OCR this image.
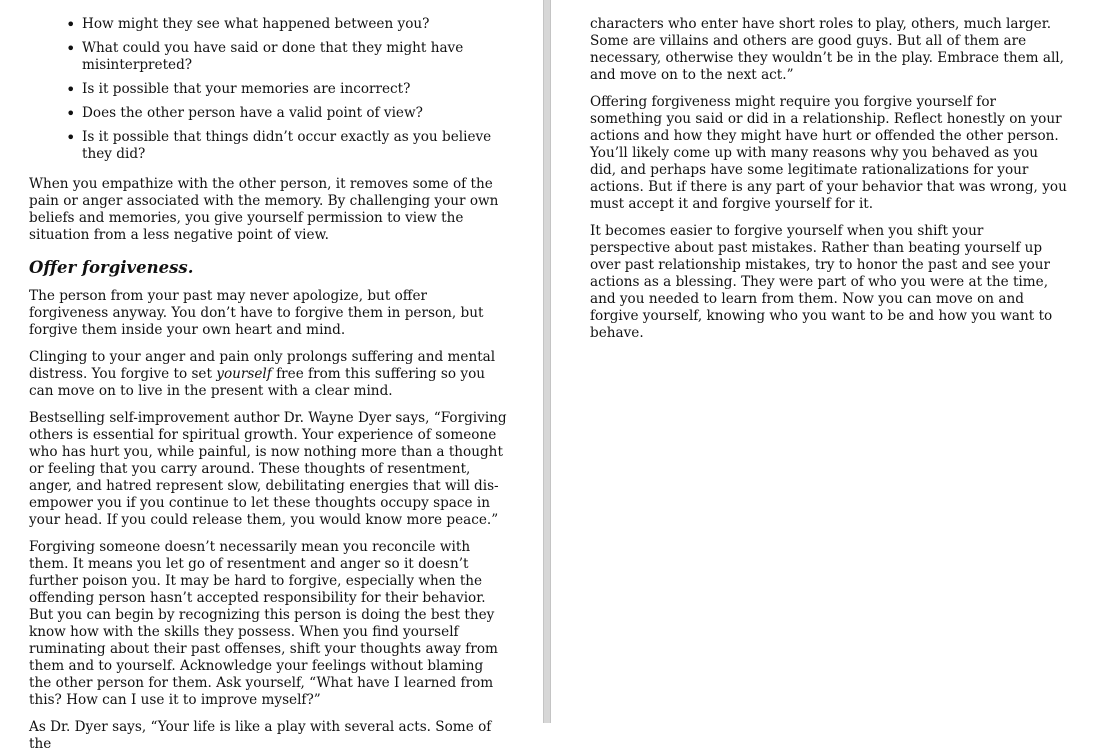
• How might they see what happened between you?
• What could you have said or done that they might have misinterpreted?
• Is it possible that your memories are incorrect?
• Does the other person have a valid point of view?
• Is it possible that things didn’t occur exactly as you believe they did?

When you empathize with the other person, it removes some of the pain or anger associated with the memory. By challenging your own beliefs and memories, you give yourself permission to view the situation from a less negative point of view.

Offer forgiveness.

The person from your past may never apologize, but offer forgiveness anyway. You don’t have to forgive them in person, but forgive them inside your own heart and mind.

Clinging to your anger and pain only prolongs suffering and mental distress. You forgive to set yourself free from this suffering so you can move on to live in the present with a clear mind.

Bestselling self-improvement author Dr. Wayne Dyer says, “Forgiving others is essential for spiritual growth. Your experience of someone who has hurt you, while painful, is now nothing more than a thought or feeling that you carry around. These thoughts of resentment, anger, and hatred represent slow, debilitating energies that will dis-empower you if you continue to let these thoughts occupy space in your head. If you could release them, you would know more peace.”

Forgiving someone doesn’t necessarily mean you reconcile with them. It means you let go of resentment and anger so it doesn’t further poison you. It may be hard to forgive, especially when the offending person hasn’t accepted responsibility for their behavior. But you can begin by recognizing this person is doing the best they know how with the skills they possess. When you find yourself ruminating about their past offenses, shift your thoughts away from them and to yourself. Acknowledge your feelings without blaming the other person for them. Ask yourself, “What have I learned from this? How can I use it to improve myself?”

As Dr. Dyer says, “Your life is like a play with several acts. Some of the

characters who enter have short roles to play, others, much larger. Some are villains and others are good guys. But all of them are necessary, otherwise they wouldn’t be in the play. Embrace them all, and move on to the next act.”

Offering forgiveness might require you forgive yourself for something you said or did in a relationship. Reflect honestly on your actions and how they might have hurt or offended the other person. You’ll likely come up with many reasons why you behaved as you did, and perhaps have some legitimate rationalizations for your actions. But if there is any part of your behavior that was wrong, you must accept it and forgive yourself for it.

It becomes easier to forgive yourself when you shift your perspective about past mistakes. Rather than beating yourself up over past relationship mistakes, try to honor the past and see your actions as a blessing. They were part of who you were at the time, and you needed to learn from them. Now you can move on and forgive yourself, knowing who you want to be and how you want to behave.
